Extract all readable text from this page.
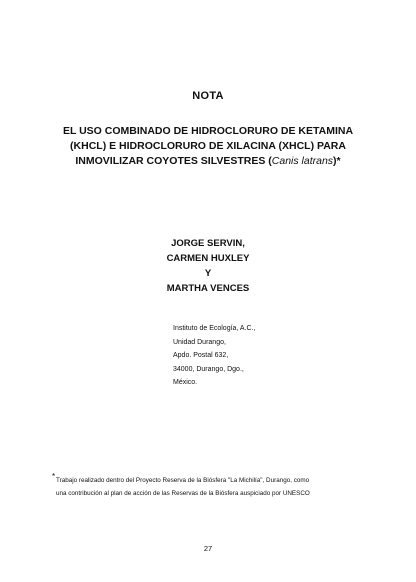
NOTA
EL USO COMBINADO DE HIDROCLORURO DE KETAMINA
(KHCL) E HIDROCLORURO DE XILACINA (XHCL) PARA
INMOVILIZAR COYOTES SILVESTRES (Canis latrans)*
JORGE SERVIN,
CARMEN HUXLEY
Y
MARTHA VENCES
Instituto de Ecología, A.C.,
Unidad Durango,
Apdo. Postal 632,
34000, Durango, Dgo.,
México.
* Trabajo realizado dentro del Proyecto Reserva de la Biósfera "La Michilía", Durango, como
una contribución al plan de acción de las Reservas de la Biósfera auspiciado por UNESCO
27
